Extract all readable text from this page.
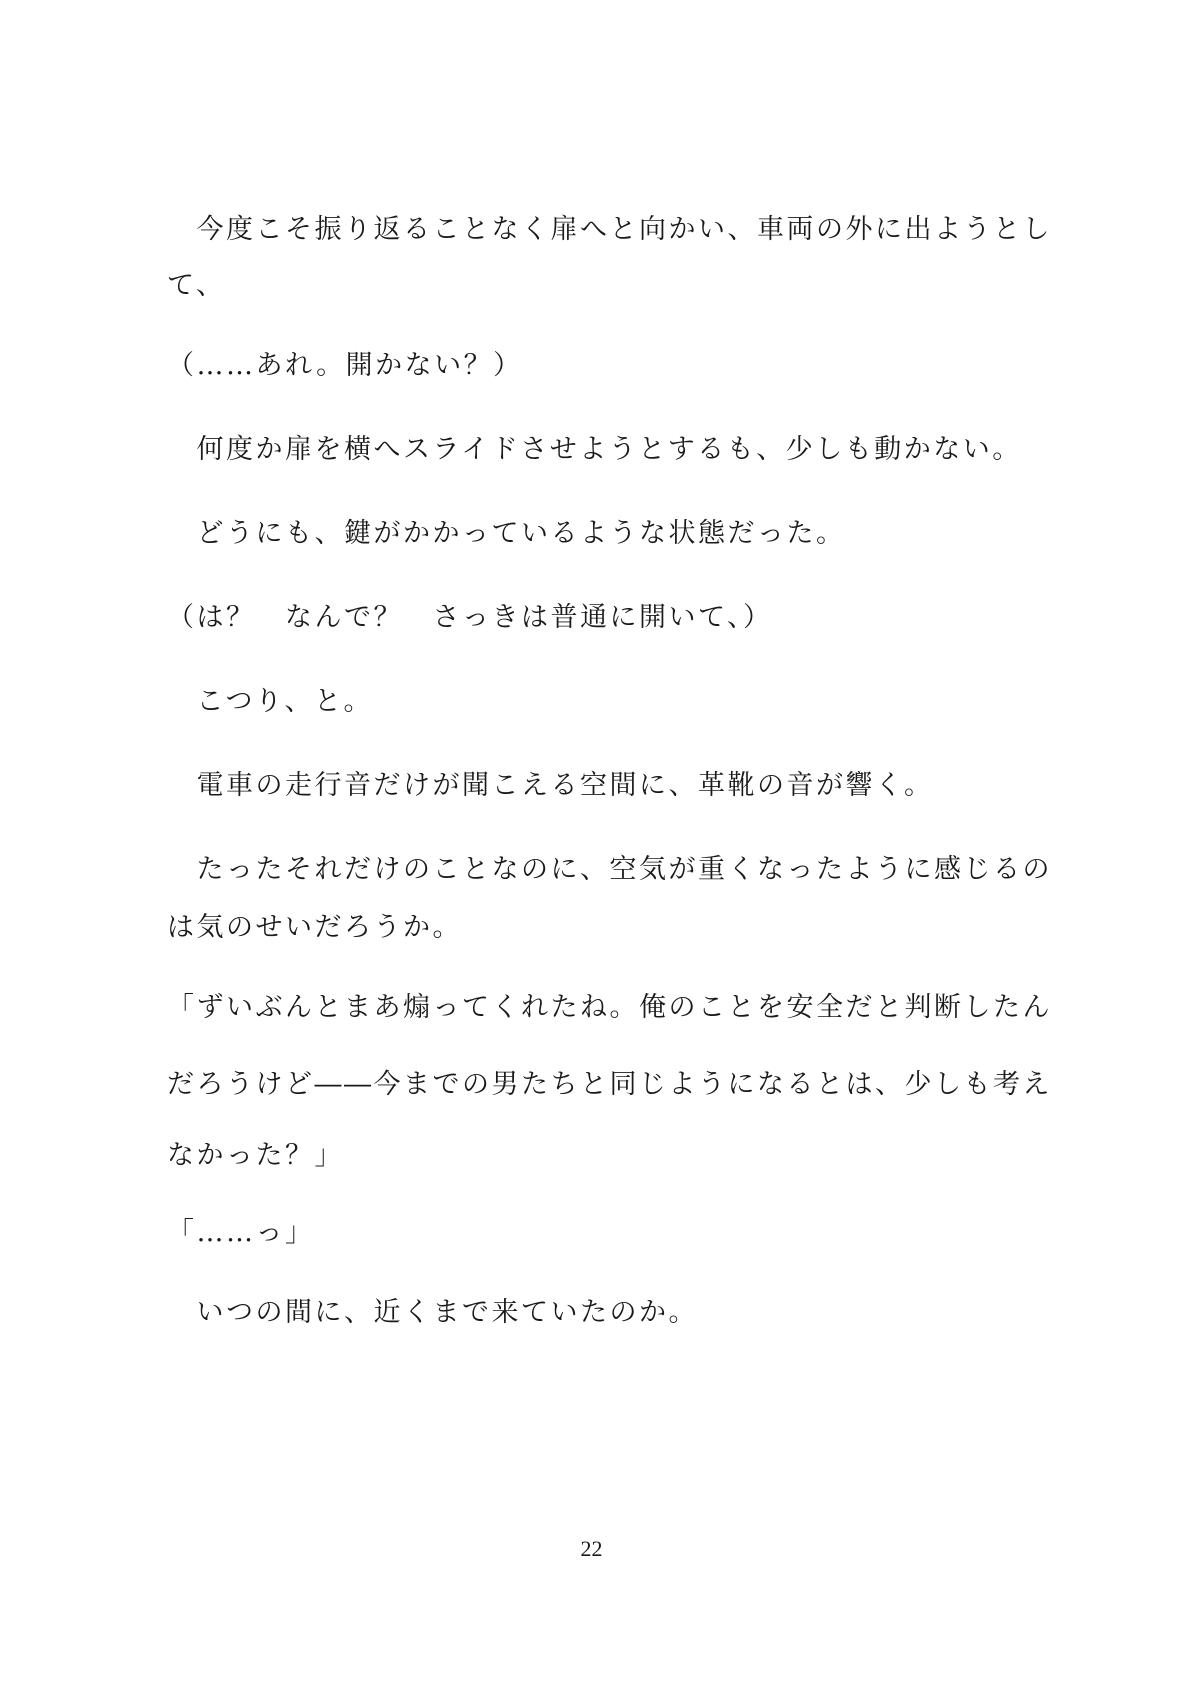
　今度こそ振り返ることなく扉へと向かい、車両の外に出ようとし
て、
（……あれ。開かない？）
　何度か扉を横へスライドさせようとするも、少しも動かない。
　どうにも、鍵がかかっているような状態だった。
（は？　なんで？　さっきは普通に開いて、）
　こつり、と。
　電車の走行音だけが聞こえる空間に、革靴の音が響く。
　たったそれだけのことなのに、空気が重くなったように感じるの
は気のせいだろうか。
「ずいぶんとまあ煽ってくれたね。俺のことを安全だと判断したん
だろうけど――今までの男たちと同じようになるとは、少しも考え
なかった？」
「……っ」
　いつの間に、近くまで来ていたのか。
22
